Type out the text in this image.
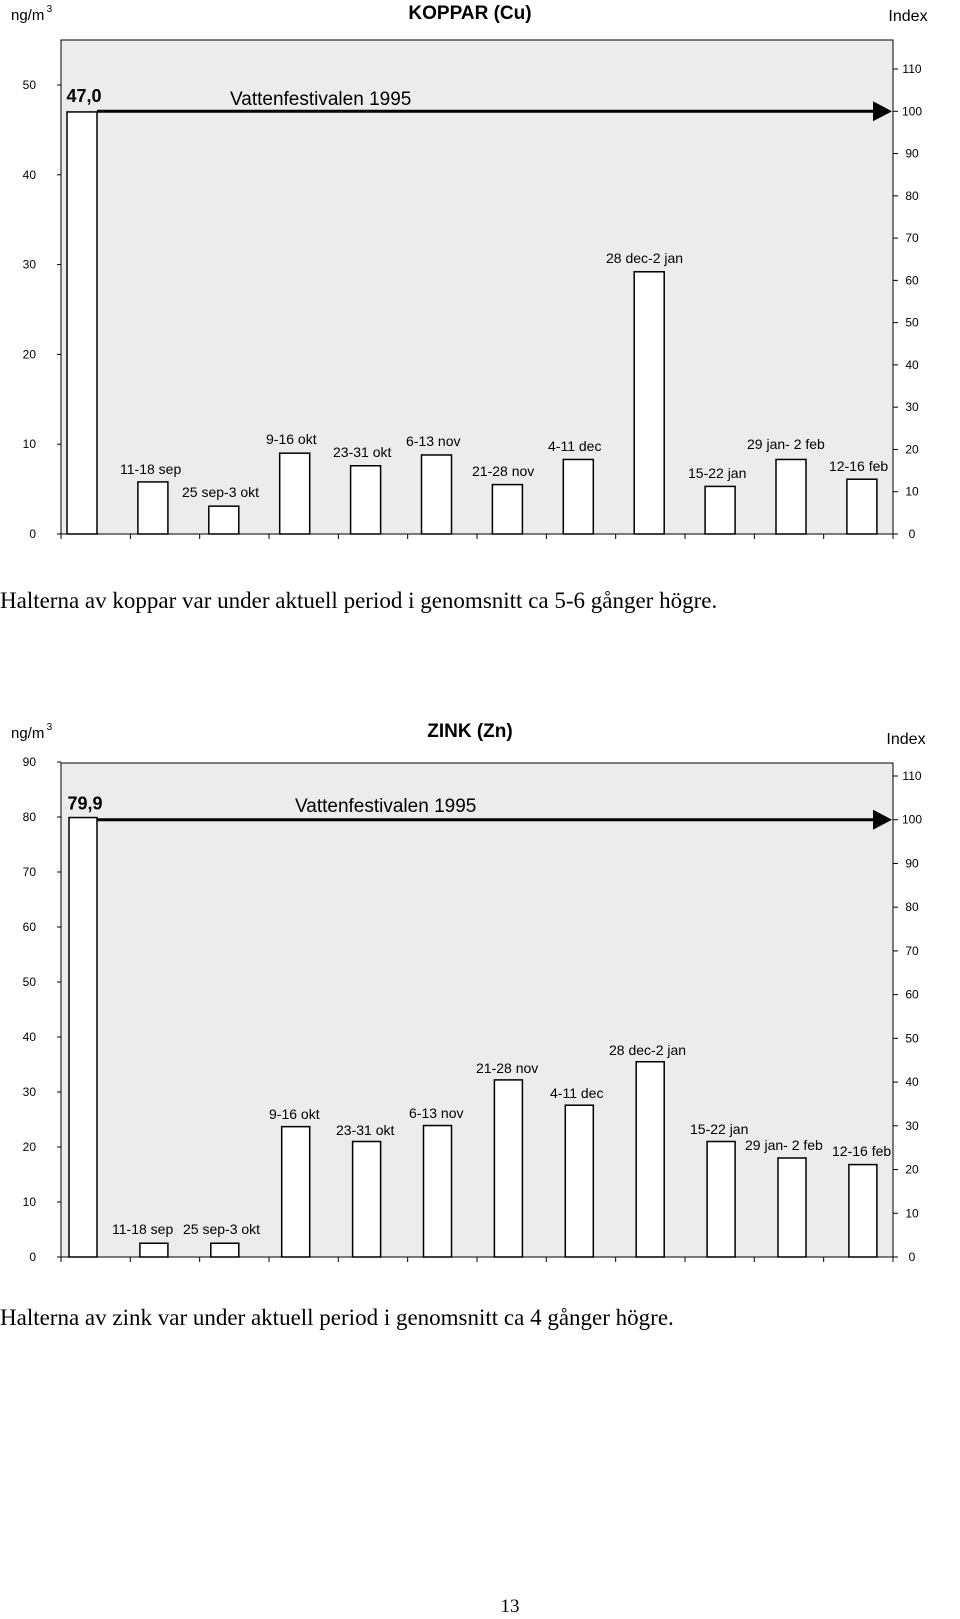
KOPPAR (Cu)
ng/m 3	Index
0
10
20
30
40
50
0
10
20
30
40
50
60
70
80
90
100
110
47,0	Vattenfestivalen 1995
11-18 sep
25 sep-3 okt
9-16 okt
23-31 okt
6-13 nov
21-28 nov
4-11 dec
28 dec-2 jan
15-22 jan
29 jan- 2 feb
12-16 feb
Halterna av koppar var under aktuell period i genomsnitt ca 5-6 gånger högre.
ZINK (Zn)
ng/m 3
Index
0
10
20
30
40
50
60
70
80
90
0
10
20
30
40
50
60
70
80
90
100
110
79,9	Vattenfestivalen 1995
11-18 sep 25 sep-3 okt
9-16 okt
23-31 okt
6-13 nov
21-28 nov
4-11 dec
28 dec-2 jan
15-22 jan
29 jan- 2 feb 12-16 feb
Halterna av zink var under aktuell period i genomsnitt ca 4 gånger högre.
13
